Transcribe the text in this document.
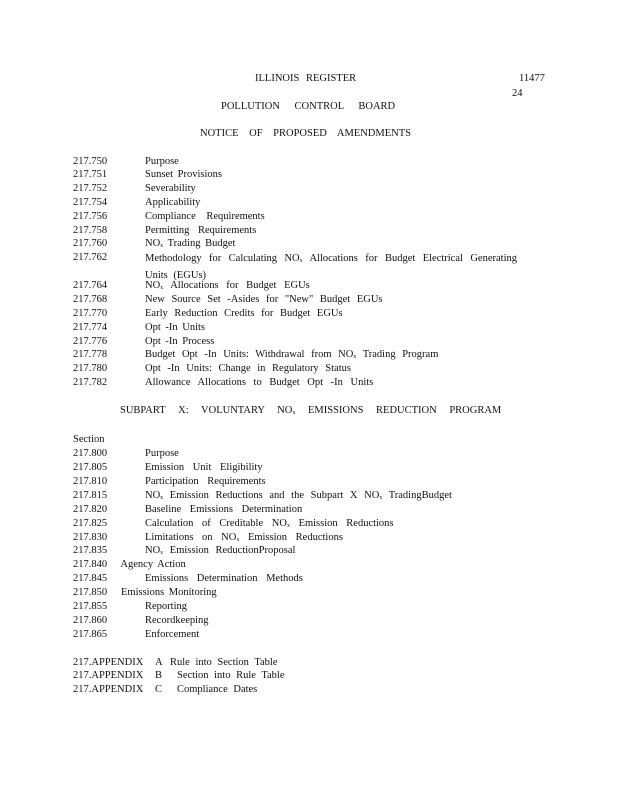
ILLINOIS REGISTER	11477
24
POLLUTION CONTROL BOARD
NOTICE OF PROPOSED AMENDMENTS
217.750	Purpose
217.751	Sunset Provisions
217.752	Severability
217.754	Applicability
217.756	Compliance Requirements
217.758	Permitting Requirements
217.760	$NO_x$ Trading Budget
217.762	Methodology for Calculating $NO_x$ Allocations for Budget Electrical Generating Units (EGUs)
217.764	$NO_x$ Allocations for Budget EGUs
217.768	New Source Set -Asides for "New" Budget EGUs
217.770	Early Reduction Credits for Budget EGUs
217.774	Opt -In Units
217.776	Opt -In Process
217.778	Budget Opt -In Units: Withdrawal from $NO_x$ Trading Program
217.780	Opt -In Units: Change in Regulatory Status
217.782	Allowance Allocations to Budget Opt -In Units
SUBPART X: VOLUNTARY $NO_x$ EMISSIONS REDUCTION PROGRAM
Section
217.800	Purpose
217.805	Emission Unit Eligibility
217.810	Participation Requirements
217.815	$NO_x$ Emission Reductions and the Subpart X $NO_x$ TradingBudget
217.820	Baseline Emissions Determination
217.825	Calculation of Creditable $NO_x$ Emission Reductions
217.830	Limitations on $NO_x$ Emission Reductions
217.835	$NO_x$ Emission ReductionProposal
217.840 Agency Action
217.845	Emissions Determination Methods
217.850 Emissions Monitoring
217.855	Reporting
217.860	Recordkeeping
217.865	Enforcement
217.APPENDIX A Rule into Section Table
217.APPENDIX B Section into Rule Table
217.APPENDIX C Compliance Dates
